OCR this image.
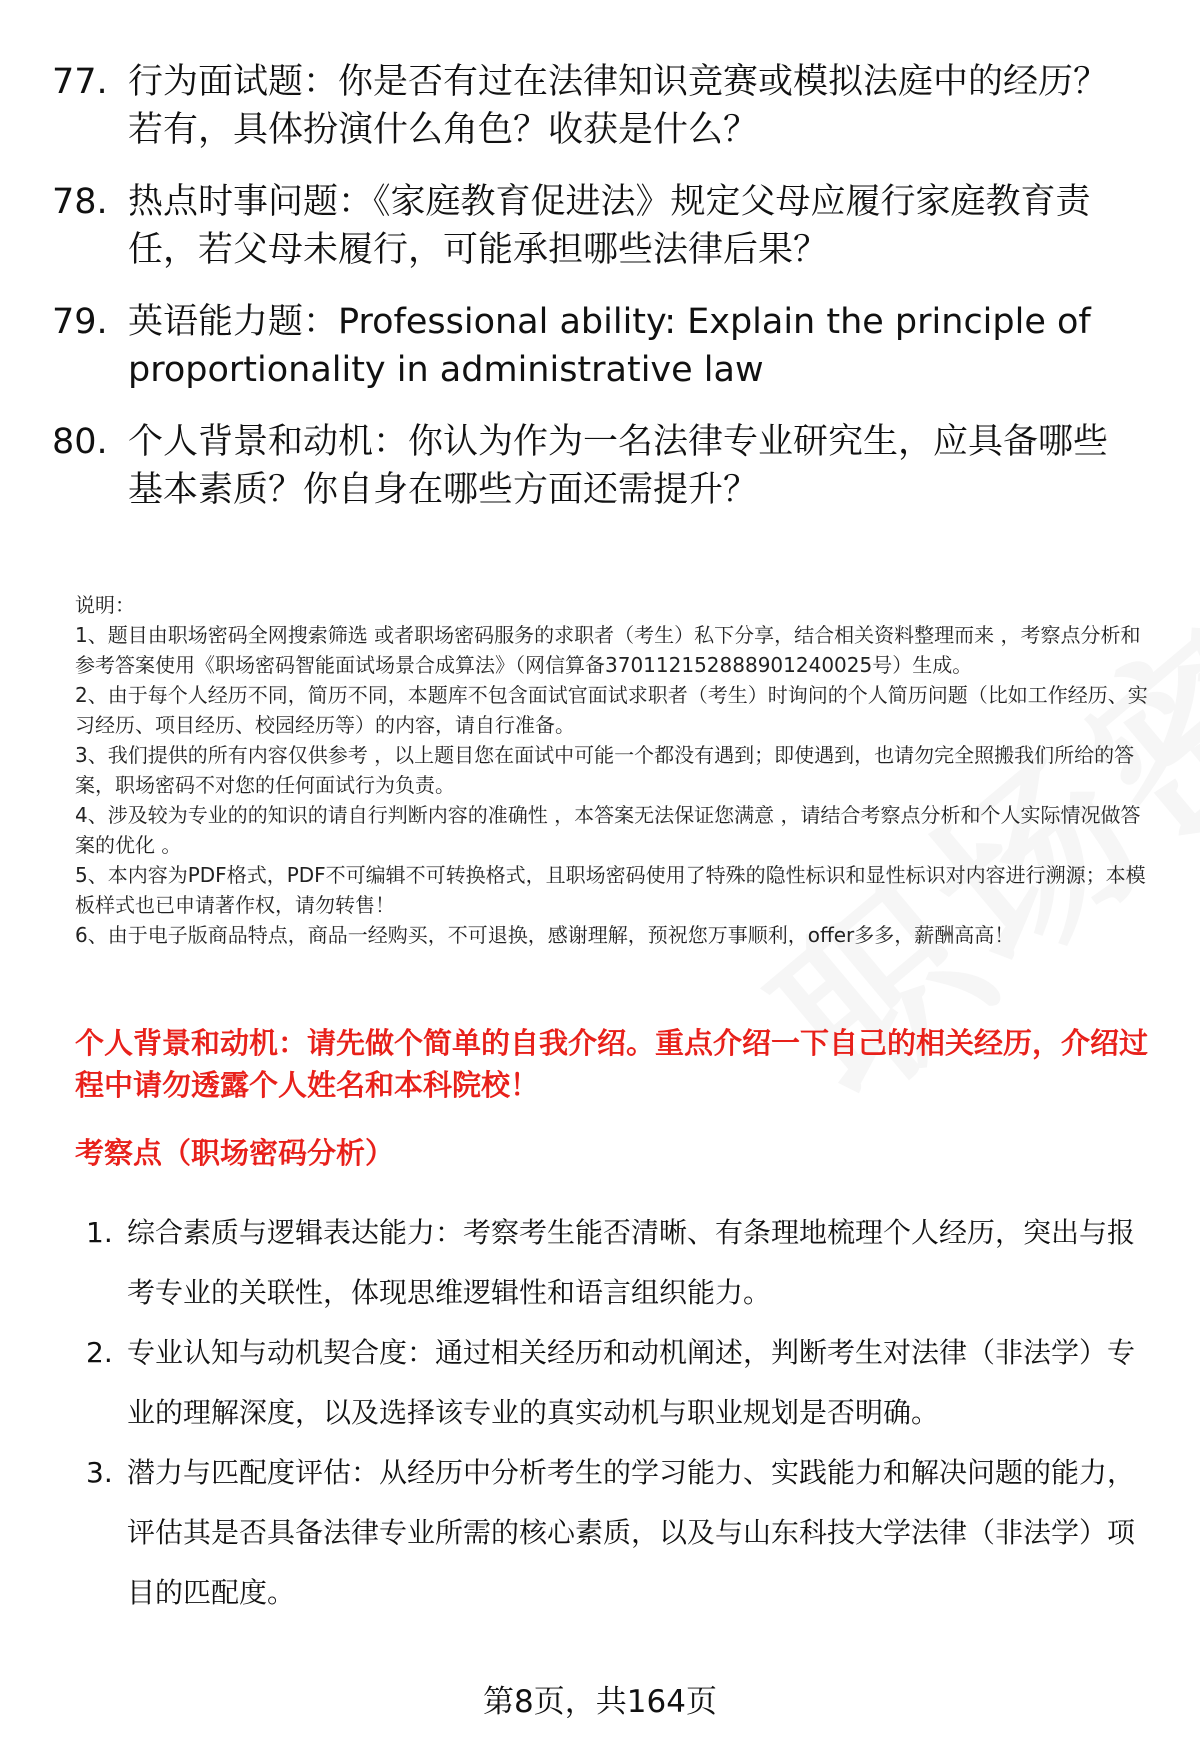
77. 行为面试题：你是否有过在法律知识竞赛或模拟法庭中的经历？若有，具体扮演什么角色？收获是什么？
78. 热点时事问题：《家庭教育促进法》规定父母应履行家庭教育责任，若父母未履行，可能承担哪些法律后果？
79. 英语能力题：Professional ability: Explain the principle of proportionality in administrative law
80. 个人背景和动机：你认为作为一名法律专业研究生，应具备哪些基本素质？你自身在哪些方面还需提升？

说明：

1、题目由职场密码全网搜索筛选 或者职场密码服务的求职者（考生）私下分享，结合相关资料整理而来 ，考察点分析和参考答案使用《职场密码智能面试场景合成算法》（网信算备370112152888901240025号）生成。

2、由于每个人经历不同，简历不同，本题库不包含面试官面试求职者（考生）时询问的个人简历问题（比如工作经历、实习经历、项目经历、校园经历等）的内容，请自行准备。

3、我们提供的所有内容仅供参考 ，以上题目您在面试中可能一个都没有遇到；即使遇到，也请勿完全照搬我们所给的答案，职场密码不对您的任何面试行为负责。

4、涉及较为专业的的知识的请自行判断内容的准确性 ，本答案无法保证您满意 ，请结合考察点分析和个人实际情况做答案的优化 。

5、本内容为PDF格式，PDF不可编辑不可转换格式，且职场密码使用了特殊的隐性标识和显性标识对内容进行溯源；本模板样式也已申请著作权，请勿转售！

6、由于电子版商品特点，商品一经购买，不可退换，感谢理解，预祝您万事顺利，offer多多，薪酬高高！

个人背景和动机：请先做个简单的自我介绍。重点介绍一下自己的相关经历，介绍过程中请勿透露个人姓名和本科院校！
考察点（职场密码分析）
1. 综合素质与逻辑表达能力：考察考生能否清晰、有条理地梳理个人经历，突出与报考专业的关联性，体现思维逻辑性和语言组织能力。
2. 专业认知与动机契合度：通过相关经历和动机阐述，判断考生对法律（非法学）专业的理解深度，以及选择该专业的真实动机与职业规划是否明确。
3. 潜力与匹配度评估：从经历中分析考生的学习能力、实践能力和解决问题的能力，评估其是否具备法律专业所需的核心素质，以及与山东科技大学法律（非法学）项目的匹配度。
第8页，共164页
